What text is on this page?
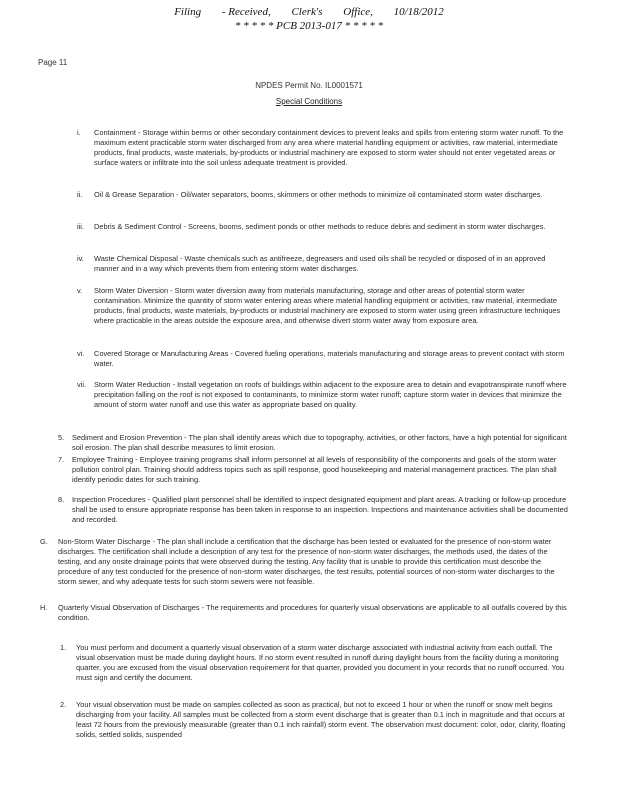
Filing - Received, Clerk's Office, 10/18/2012
* * * * * PCB 2013-017 * * * * *
Page 11
NPDES Permit No. IL0001571
Special Conditions
i. Containment - Storage within berms or other secondary containment devices to prevent leaks and spills from entering storm water runoff. To the maximum extent practicable storm water discharged from any area where material handling equipment or activities, raw material, intermediate products, final products, waste materials, by-products or industrial machinery are exposed to storm water should not enter vegetated areas or surface waters or infiltrate into the soil unless adequate treatment is provided.
ii. Oil & Grease Separation - Oil/water separators, booms, skimmers or other methods to minimize oil contaminated storm water discharges.
iii. Debris & Sediment Control - Screens, booms, sediment ponds or other methods to reduce debris and sediment in storm water discharges.
iv. Waste Chemical Disposal - Waste chemicals such as antifreeze, degreasers and used oils shall be recycled or disposed of in an approved manner and in a way which prevents them from entering storm water discharges.
v. Storm Water Diversion - Storm water diversion away from materials manufacturing, storage and other areas of potential storm water contamination. Minimize the quantity of storm water entering areas where material handling equipment or activities, raw material, intermediate products, final products, waste materials, by-products or industrial machinery are exposed to storm water using green infrastructure techniques where practicable in the areas outside the exposure area, and otherwise divert storm water away from exposure area.
vi. Covered Storage or Manufacturing Areas - Covered fueling operations, materials manufacturing and storage areas to prevent contact with storm water.
vii. Storm Water Reduction - Install vegetation on roofs of buildings within adjacent to the exposure area to detain and evapotranspirate runoff where precipitation falling on the roof is not exposed to contaminants, to minimize storm water runoff; capture storm water in devices that minimize the amount of storm water runoff and use this water as appropriate based on quality.
5. Sediment and Erosion Prevention - The plan shall identify areas which due to topography, activities, or other factors, have a high potential for significant soil erosion. The plan shall describe measures to limit erosion.
7. Employee Training - Employee training programs shall inform personnel at all levels of responsibility of the components and goals of the storm water pollution control plan. Training should address topics such as spill response, good housekeeping and material management practices. The plan shall identify periodic dates for such training.
8. Inspection Procedures - Qualified plant personnel shall be identified to inspect designated equipment and plant areas. A tracking or follow-up procedure shall be used to ensure appropriate response has been taken in response to an inspection. Inspections and maintenance activities shall be documented and recorded.
G. Non-Storm Water Discharge - The plan shall include a certification that the discharge has been tested or evaluated for the presence of non-storm water discharges. The certification shall include a description of any test for the presence of non-storm water discharges, the methods used, the dates of the testing, and any onsite drainage points that were observed during the testing. Any facility that is unable to provide this certification must describe the procedure of any test conducted for the presence of non-storm water discharges, the test results, potential sources of non-storm water discharges to the storm sewer, and why adequate tests for such storm sewers were not feasible.
H. Quarterly Visual Observation of Discharges - The requirements and procedures for quarterly visual observations are applicable to all outfalls covered by this condition.
1. You must perform and document a quarterly visual observation of a storm water discharge associated with industrial activity from each outfall. The visual observation must be made during daylight hours. If no storm event resulted in runoff during daylight hours from the facility during a monitoring quarter, you are excused from the visual observation requirement for that quarter, provided you document in your records that no runoff occurred. You must sign and certify the document.
2. Your visual observation must be made on samples collected as soon as practical, but not to exceed 1 hour or when the runoff or snow melt begins discharging from your facility. All samples must be collected from a storm event discharge that is greater than 0.1 inch in magnitude and that occurs at least 72 hours from the previously measurable (greater than 0.1 inch rainfall) storm event. The observation must document: color, odor, clarity, floating solids, settled solids, suspended
